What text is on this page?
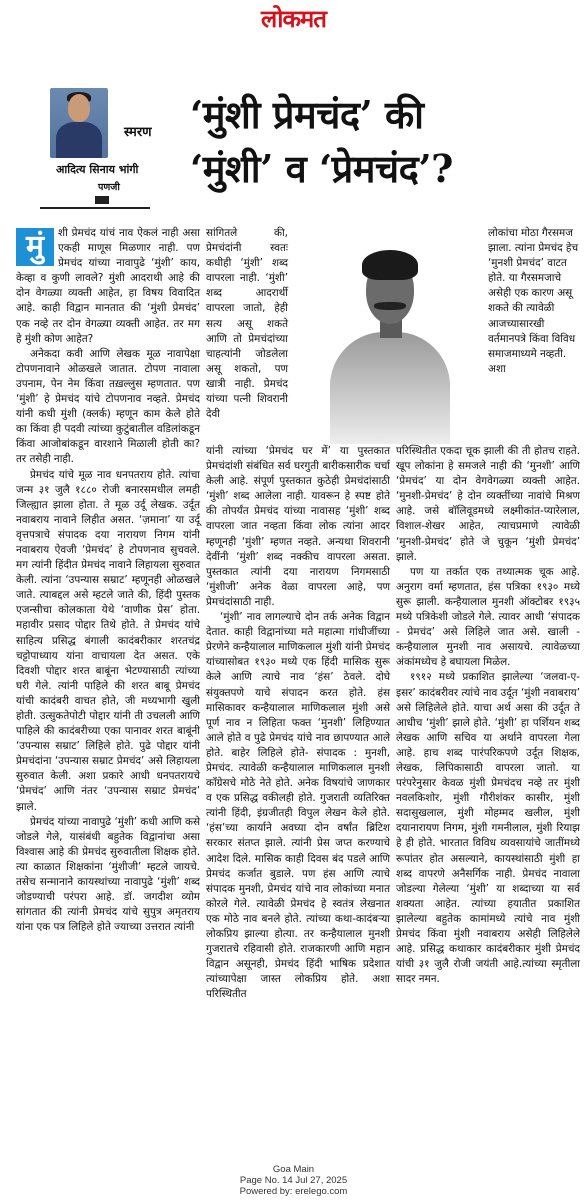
लोकमत
स्मरण
आदित्य सिनाय भांगी
पणजी
‘मुंशी प्रेमचंद’ की
‘मुंशी’ व ‘प्रेमचंद’?

मुं	शी प्रेमचंद यांचं नाव ऐकलं नाही असा एकही माणूस मिळणार नाही. पण प्रेमचंद यांच्या नावापुढे ‘मुंशी’ काय, केव्हा व कुणी लावले? मुंशी आदराथी आहे की दोन वेगळ्या व्यक्ती आहेत, हा विषय विवादित आहे. काही विद्वान मानतात की ‘मुंशी प्रेमचंद’ एक नव्हे तर दोन वेगळ्या व्यक्ती आहेत. तर मग हे मुंशी कोण आहेत?

अनेकदा कवी आणि लेखक मूळ नावापेक्षा टोपणनावाने ओळखले जातात. टोपण नावाला उपनाम, पेन नेम किंवा तख़ल्लुस म्हणतात. पण ‘मुंशी’ हे प्रेमचंद यांचे टोपणनाव नव्हते. प्रेमचंद यांनी कधी मुंशी (क्लर्क) म्हणून काम केले होते का किंवा ही पदवी त्यांच्या कुटुंबातील वडिलांकडून किंवा आजोबांकडून वारशाने मिळाली होती का? तर तसेही नाही.

प्रेमचंद यांचे मूळ नाव धनपतराय होते. त्यांचा जन्म ३१ जुलै १८८० रोजी बनारसमधील लमही जिल्ह्यात झाला होता. ते मूळ उर्दू लेखक. उर्दूत नवाबराय नावाने लिहीत असत. ‘ज़माना’ या उर्दू वृत्तपत्राचे संपादक दया नारायण निगम यांनी नवाबराय ऐवजी ‘प्रेमचंद’ हे टोपणनाव सुचवले. मग त्यांनी हिंदीत प्रेमचंद नावाने लिहायला सुरुवात केली. त्यांना ‘उपन्यास सम्राट’ म्हणूनही ओळखले जाते. त्याबद्दल असे म्हटले जाते की, हिंदी पुस्तक एजन्सीचा कोलकाता येथे ‘वाणीक प्रेस’ होता. महावीर प्रसाद पोद्दार तिथे होते. ते प्रेमचंद यांचे साहित्य प्रसिद्ध बंगाली कादंबरीकार शरतचंद्र चट्टोपाध्याय यांना वाचायला देत असत. एके दिवशी पोद्दार शरत बाबूंना भेटण्यासाठी त्यांच्या घरी गेले. त्यांनी पाहिले की शरत बाबू प्रेमचंद यांची कादंबरी वाचत होते, जी मध्यभागी खुली होती. उत्सुकतेपोटी पोद्दार यांनी ती उचलली आणि पाहिले की कादंबरीच्या एका पानावर शरत बाबूंनी ‘उपन्यास सम्राट’ लिहिले होते. पुढे पोद्दार यांनी प्रेमचंदांना ‘उपन्यास सम्राट प्रेमचंद’ असे लिहायला सुरुवात केली. अशा प्रकारे आधी धनपतरायचे ‘प्रेमचंद’ आणि नंतर ‘उपन्यास सम्राट प्रेमचंद’ झाले.

प्रेमचंद यांच्या नावापुढे ‘मुंशी’ कधी आणि कसे जोडले गेले, यासंबंधी बहुतेक विद्वानांचा असा विश्वास आहे की प्रेमचंद सुरुवातीला शिक्षक होते. त्या काळात शिक्षकांना ‘मुंशीजी’ म्हटले जायचे. तसेच सन्मानाने कायस्थांच्या नावापुढे ‘मुंशी’ शब्द जोडण्याची परंपरा आहे. डॉ. जगदीश व्योम सांगतात की त्यांनी प्रेमचंद यांचे सुपुत्र अमृतराय यांना एक पत्र लिहिले होते ज्याच्या उत्तरात त्यांनी

सांगितले की, प्रेमचंदांनी स्वतः कधीही ‘मुंशी’ शब्द वापरला नाही. ‘मुंशी’ शब्द आदरार्थी वापरला जातो, हेही सत्य असू शकते आणि तो प्रेमचंदांच्या चाहत्यांनी जोडलेला असू शकतो, पण खात्री नाही. प्रेमचंद यांच्या पत्नी शिवरानी देवी

यांनी त्यांच्या ‘प्रेमचंद घर में’ या पुस्तकात प्रेमचंदांशी संबंधित सर्व घरगुती बारीकसारीक चर्चा केली आहे. संपूर्ण पुस्तकात कुठेही प्रेमचंदांसाठी ‘मुंशी’ शब्द आलेला नाही. यावरून हे स्पष्ट होते की तोपर्यंत प्रेमचंद यांच्या नावासह ‘मुंशी’ शब्द वापरला जात नव्हता किंवा लोक त्यांना आदर म्हणूनही ‘मुंशी’ म्हणत नव्हते. अन्यथा शिवरानी देवींनी ‘मुंशी’ शब्द नक्कीच वापरला असता. पुस्तकात त्यांनी दया नारायण निगमसाठी ‘मुंशीजी’ अनेक वेळा वापरला आहे, पण प्रेमचंदांसाठी नाही.

‘मुंशी’ नाव लागल्याचे दोन तर्क अनेक विद्वान देतात. काही विद्वानांच्या मते महात्मा गांधीजींच्या प्रेरणेने कन्हैयालाल माणिकलाल मुंशी यांनी प्रेमचंद यांच्यासोबत १९३० मध्ये एक हिंदी मासिक सुरू केले आणि त्याचे नाव ‘हंस’ ठेवले. दोघे संयुक्तपणे याचे संपादन करत होते. हंस मासिकावर कन्हैयालाल माणिकलाल मुंशी असे पूर्ण नाव न लिहिता फक्त ‘मुनशी’ लिहिण्यात आले होते व पुढे प्रेमचंद यांचे नाव छापण्यात आले होते. बाहेर लिहिले होते- संपादक : मुनशी, प्रेमचंद. त्यावेळी कन्हैयालाल माणिकलाल मुनशी काँग्रेसचे मोठे नेते होते. अनेक विषयांचे जाणकार व एक प्रसिद्ध वकीलही होते. गुजराती व्यतिरिक्त त्यांनी हिंदी, इंग्रजीतही विपुल लेखन केले होते. ‘हंस’च्या कार्याने अवघ्या दोन वर्षांत ब्रिटिश सरकार संतप्त झाले. त्यांनी प्रेस जप्त करण्याचे आदेश दिले. मासिक काही दिवस बंद पडले आणि प्रेमचंद कर्जात बुडाले. पण हंस आणि त्याचे संपादक मुनशी, प्रेमचंद यांचे नाव लोकांच्या मनात कोरले गेले. त्यावेळी प्रेमचंद हे स्वतंत्र लेखनात एक मोठे नाव बनले होते. त्यांच्या कथा-कादंबऱ्या लोकप्रिय झाल्या होत्या. तर कन्हैयालाल मुनशी गुजरातचे रहिवासी होते. राजकारणी आणि महान विद्वान असूनही, प्रेमचंद हिंदी भाषिक प्रदेशात त्यांच्यापेक्षा जास्त लोकप्रिय होते. अशा परिस्थितीत

लोकांचा मोठा गैरसमज झाला. त्यांना प्रेमचंद हेच ‘मुनशी प्रेमचंद’ वाटत होते. या गैरसमजाचे असेही एक कारण असू शकते की त्यावेळी आजच्यासारखी वर्तमानपत्रे किंवा विविध समाजमाध्यमे नव्हती. अशा

परिस्थितीत एकदा चूक झाली की ती होतच राहते. खूप लोकांना हे समजले नाही की ‘मुनशी’ आणि ‘प्रेमचंद’ या दोन वेगवेगळ्या व्यक्ती आहेत. ‘मुनशी-प्रेमचंद’ हे दोन व्यक्तींच्या नावांचे मिश्रण आहे. जसे बॉलिवूडमध्ये लक्ष्मीकांत-प्यारेलाल, विशाल-शेखर आहेत, त्याचप्रमाणे त्यावेळी ‘मुनशी-प्रेमचंद’ होते जे चुकून ‘मुंशी प्रेमचंद’ झाले.

पण या तर्कात एक तथ्यात्मक चूक आहे. अनुराग वर्मा म्हणतात, हंस पत्रिका १९३० मध्ये सुरू झाली. कन्हैयालाल मुनशी ऑक्टोबर १९३५ मध्ये पत्रिकेशी जोडले गेले. त्यावर आधी ‘संपादक - प्रेमचंद’ असे लिहिले जात असे. खाली - कन्हैयालाल मुनशी नाव असायचे. त्यावेळच्या अंकांमध्येच हे बघायला मिळेल.

१९१२ मध्ये प्रकाशित झालेल्या ‘जलवा-ए-इसर’ कादंबरीवर त्यांचे नाव उर्दूत ‘मुंशी नवाबराय’ असे लिहिलेले होते. याचा अर्थ असा की उर्दूत ते आधीच ‘मुंशी’ झाले होते. ‘मुंशी’ हा पर्शियन शब्द लेखक आणि सचिव या अर्थाने वापरला गेला आहे. हाच शब्द पारंपरिकपणे उर्दूत शिक्षक, लेखक, लिपिकासाठी वापरला जातो. या परंपरेनुसार केवळ मुंशी प्रेमचंदच नव्हे तर मुंशी नवलकिशोर, मुंशी गौरीशंकर कासीर, मुंशी सदासुखलाल, मुंशी मोहम्मद खलील, मुंशी दयानारायण निगम, मुंशी गमनीलाल, मुंशी रियाझ हे ही होते. भारतात विविध व्यवसायांचे जातींमध्ये रूपांतर होत असल्याने, कायस्थांसाठी मुंशी हा शब्द वापरणे अनैसर्गिक नाही. प्रेमचंद नावाला जोडल्या गेलेल्या ‘मुंशी’ या शब्दाच्या या सर्व शक्यता आहेत. त्यांच्या हयातीत प्रकाशित झालेल्या बहुतेक कामांमध्ये त्यांचे नाव मुंशी प्रेमचंद किंवा मुंशी नवाबराय असेही लिहिलेले आहे. प्रसिद्ध कथाकार कादंबरीकार मुंशी प्रेमचंद यांची ३१ जुलै रोजी जयंती आहे.त्यांच्या स्मृतीला सादर नमन.

Goa Main
Page No. 14 Jul 27, 2025
Powered by: erelego.com
